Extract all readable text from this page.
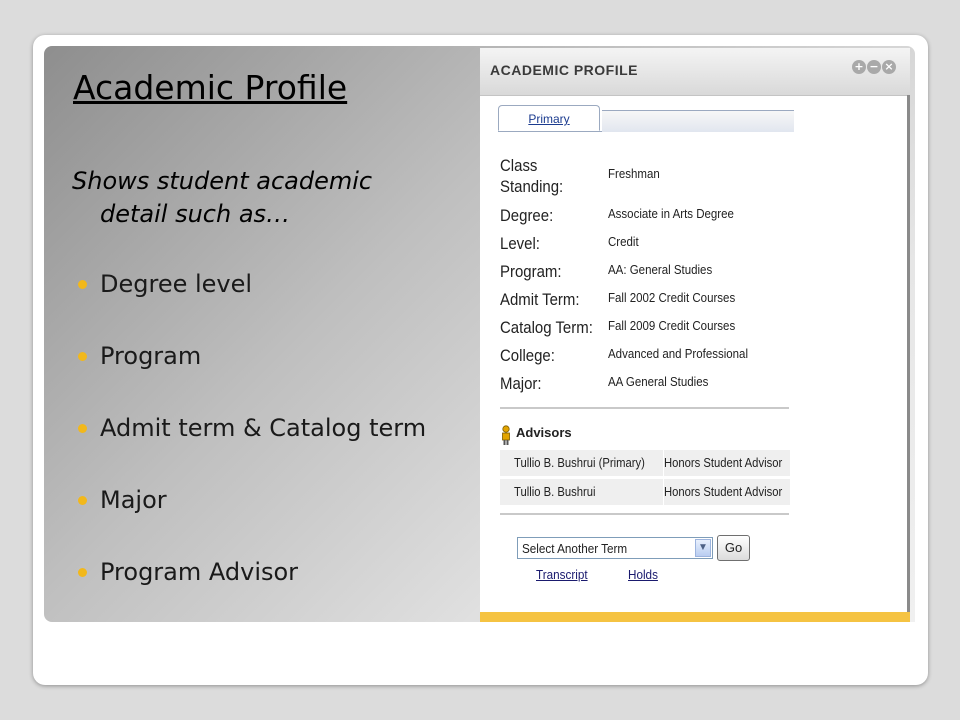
Academic Profile
Shows student academic
detail such as…
Degree level
Program
Admit term & Catalog term
Major
Program Advisor
ACADEMIC PROFILE	+ − ×
Primary
Class Standing:
Freshman
Degree:	Associate in Arts Degree
Level:	Credit
Program:	AA: General Studies
Admit Term:	Fall 2002 Credit Courses
Catalog Term:	Fall 2009 Credit Courses
College:	Advanced and Professional
Major:	AA General Studies
Advisors
Tullio B. Bushrui (Primary) Honors Student Advisor
Tullio B. Bushrui	Honors Student Advisor
Select Another Term	▼	Go
Transcript	Holds
